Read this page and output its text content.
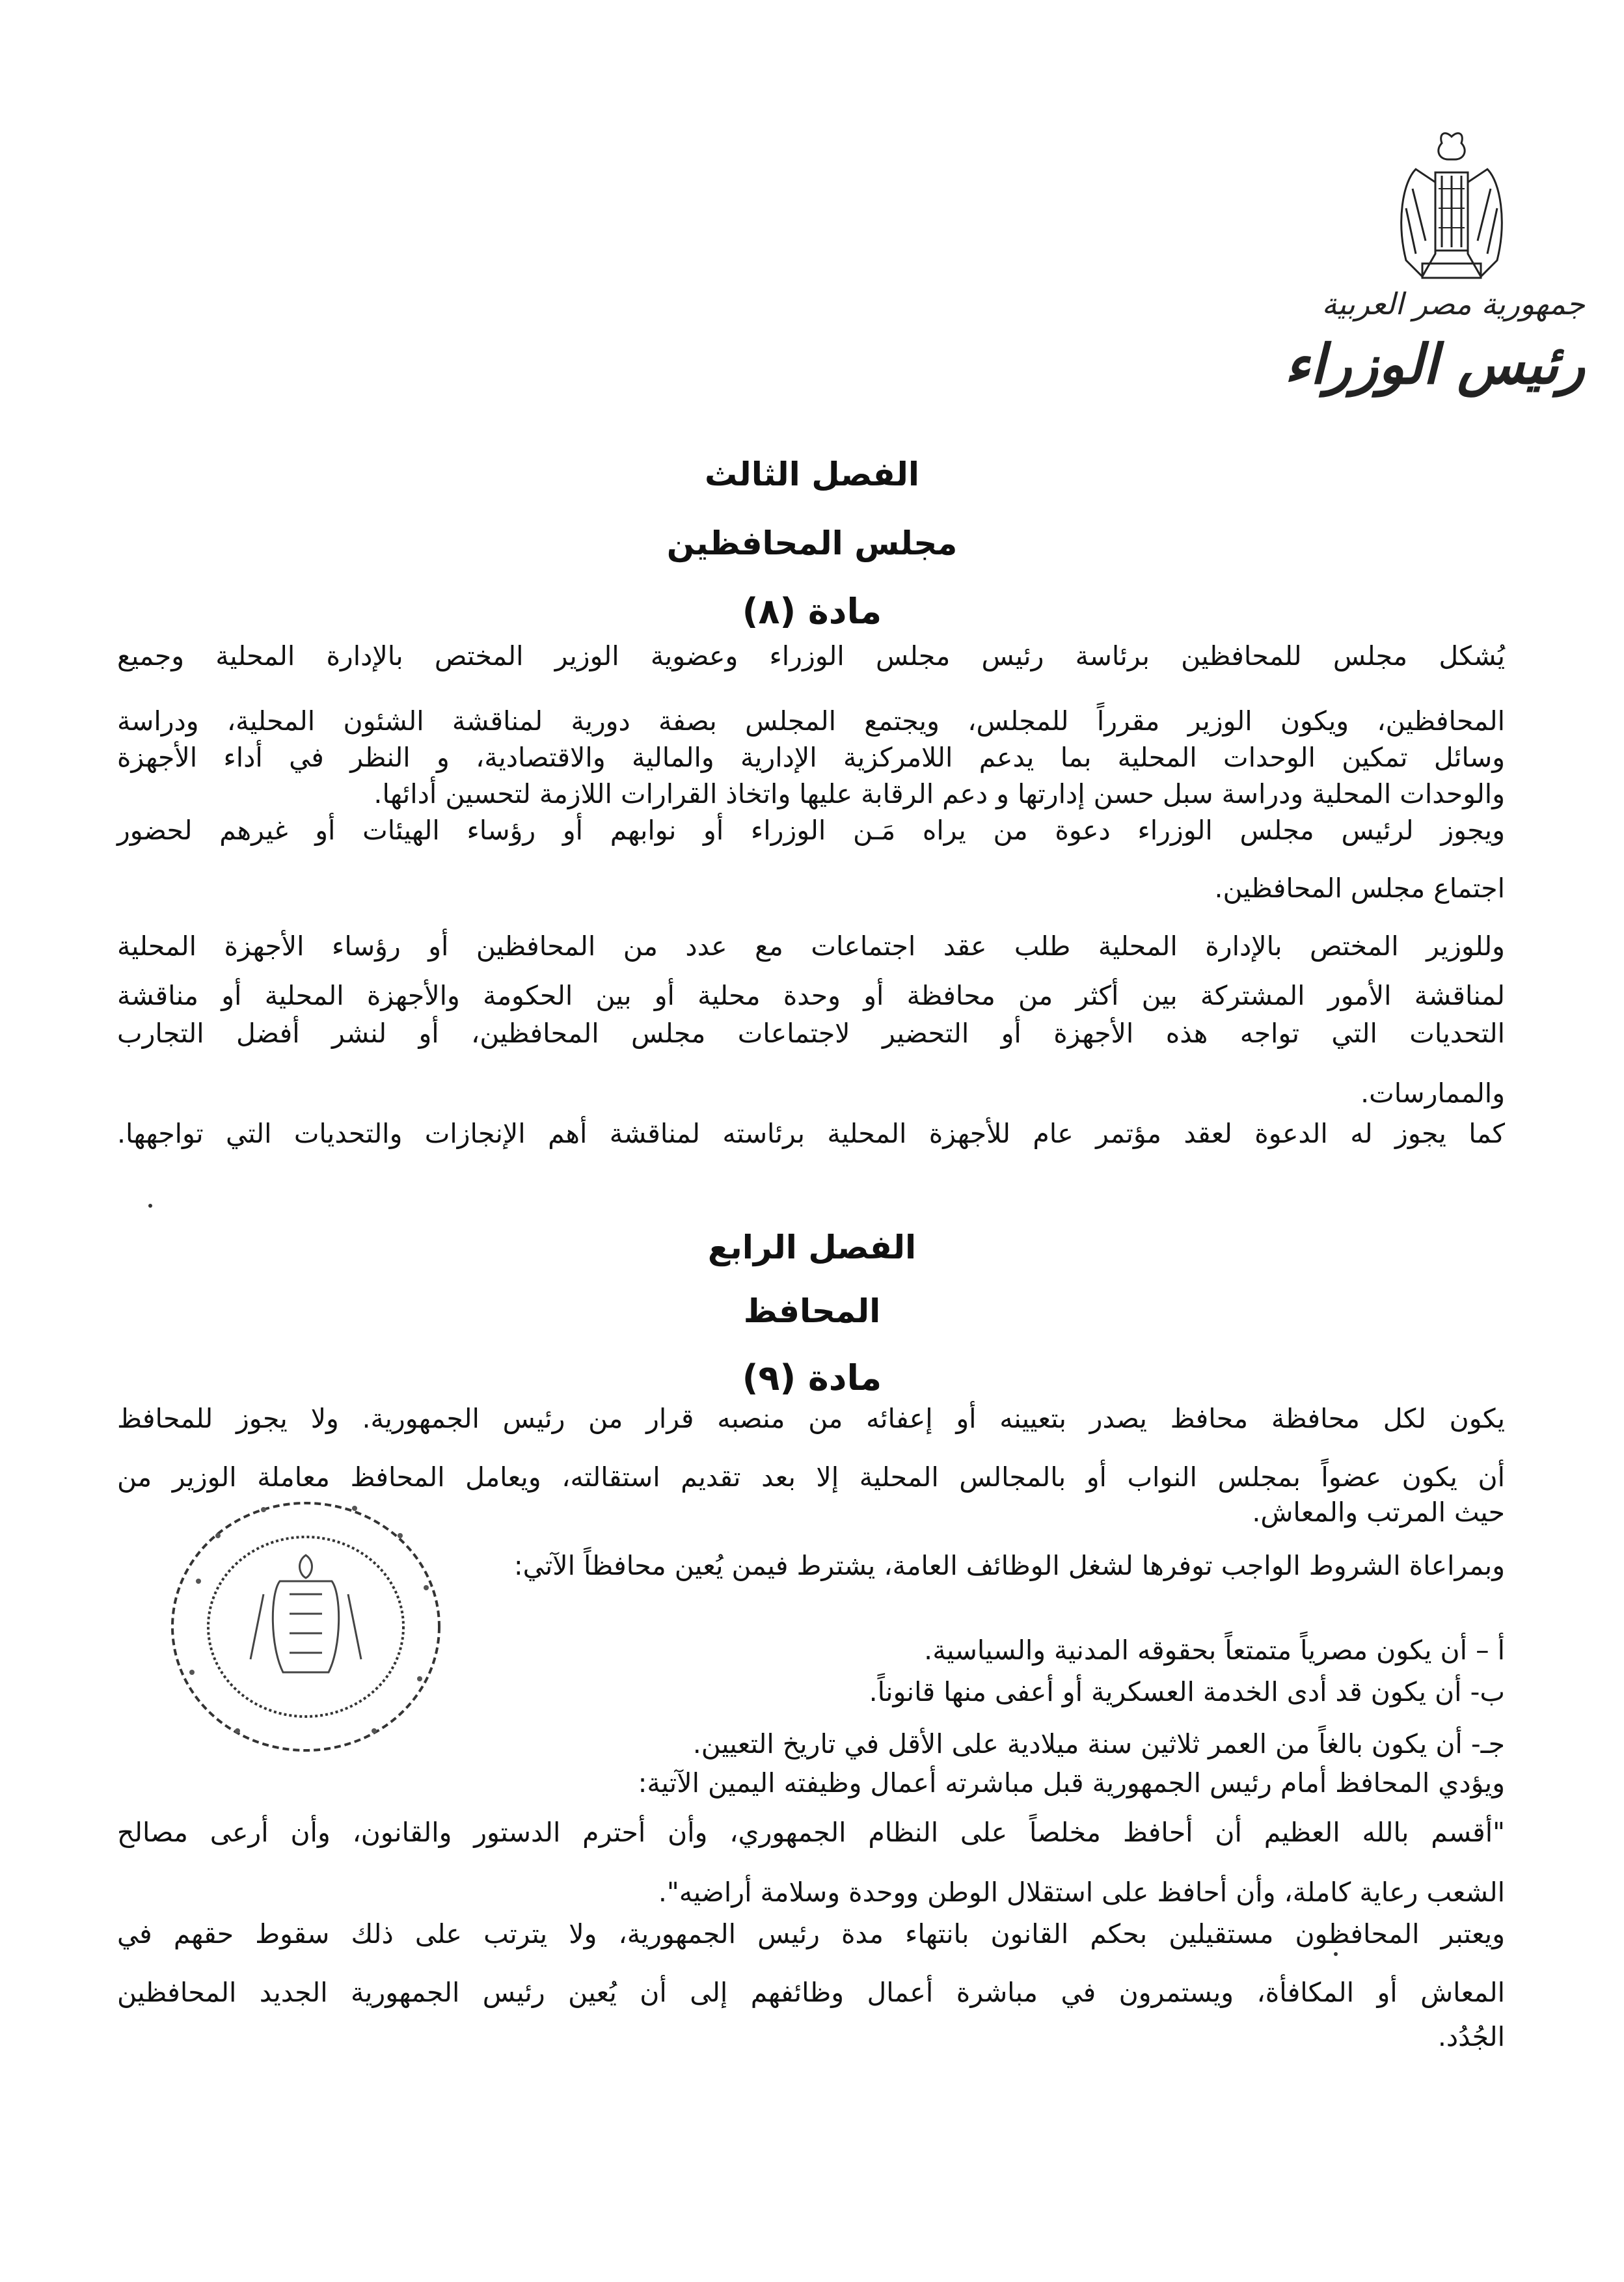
جمهورية مصر العربية
رئيس الوزراء
الفصل الثالث
مجلس المحافظين
مادة (٨)
يُشكل مجلس للمحافظين برئاسة رئيس مجلس الوزراء وعضوية الوزير المختص بالإدارة المحلية وجميع
المحافظين، ويكون الوزير مقرراً للمجلس، ويجتمع المجلس بصفة دورية لمناقشة الشئون المحلية، ودراسة
وسائل تمكين الوحدات المحلية بما يدعم اللامركزية الإدارية والمالية والاقتصادية، و النظر في أداء الأجهزة
والوحدات المحلية ودراسة سبل حسن إدارتها و دعم الرقابة عليها واتخاذ القرارات اللازمة لتحسين أدائها.
ويجوز لرئيس مجلس الوزراء دعوة من يراه مَـن الوزراء أو نوابهم أو رؤساء الهيئات أو غيرهم لحضور
اجتماع مجلس المحافظين.
وللوزير المختص بالإدارة المحلية طلب عقد اجتماعات مع عدد من المحافظين أو رؤساء الأجهزة المحلية
لمناقشة الأمور المشتركة بين أكثر من محافظة أو وحدة محلية أو بين الحكومة والأجهزة المحلية أو مناقشة
التحديات التي تواجه هذه الأجهزة أو التحضير لاجتماعات مجلس المحافظين، أو لنشر أفضل التجارب
والممارسات.
كما يجوز له الدعوة لعقد مؤتمر عام للأجهزة المحلية برئاسته لمناقشة أهم الإنجازات والتحديات التي تواجهها.
الفصل الرابع
المحافظ
مادة (٩)
يكون لكل محافظة محافظ يصدر بتعيينه أو إعفائه من منصبه قرار من رئيس الجمهورية. ولا يجوز للمحافظ
أن يكون عضواً بمجلس النواب أو بالمجالس المحلية إلا بعد تقديم استقالته، ويعامل المحافظ معاملة الوزير من
حيث المرتب والمعاش.
وبمراعاة الشروط الواجب توفرها لشغل الوظائف العامة، يشترط فيمن يُعين محافظاً الآتي:
أ – أن يكون مصرياً متمتعاً بحقوقه المدنية والسياسية.
ب- أن يكون قد أدى الخدمة العسكرية أو أعفى منها قانوناً.
جـ- أن يكون بالغاً من العمر ثلاثين سنة ميلادية على الأقل في تاريخ التعيين.
ويؤدي المحافظ أمام رئيس الجمهورية قبل مباشرته أعمال وظيفته اليمين الآتية:
"أقسم بالله العظيم أن أحافظ مخلصاً على النظام الجمهوري، وأن أحترم الدستور والقانون، وأن أرعى مصالح
الشعب رعاية كاملة، وأن أحافظ على استقلال الوطن ووحدة وسلامة أراضيه".
ويعتبر المحافظون مستقيلين بحكم القانون بانتهاء مدة رئيس الجمهورية، ولا يترتب على ذلك سقوط حقهم في
المعاش أو المكافأة، ويستمرون في مباشرة أعمال وظائفهم إلى أن يُعين رئيس الجمهورية الجديد المحافظين
الجُدُد.
